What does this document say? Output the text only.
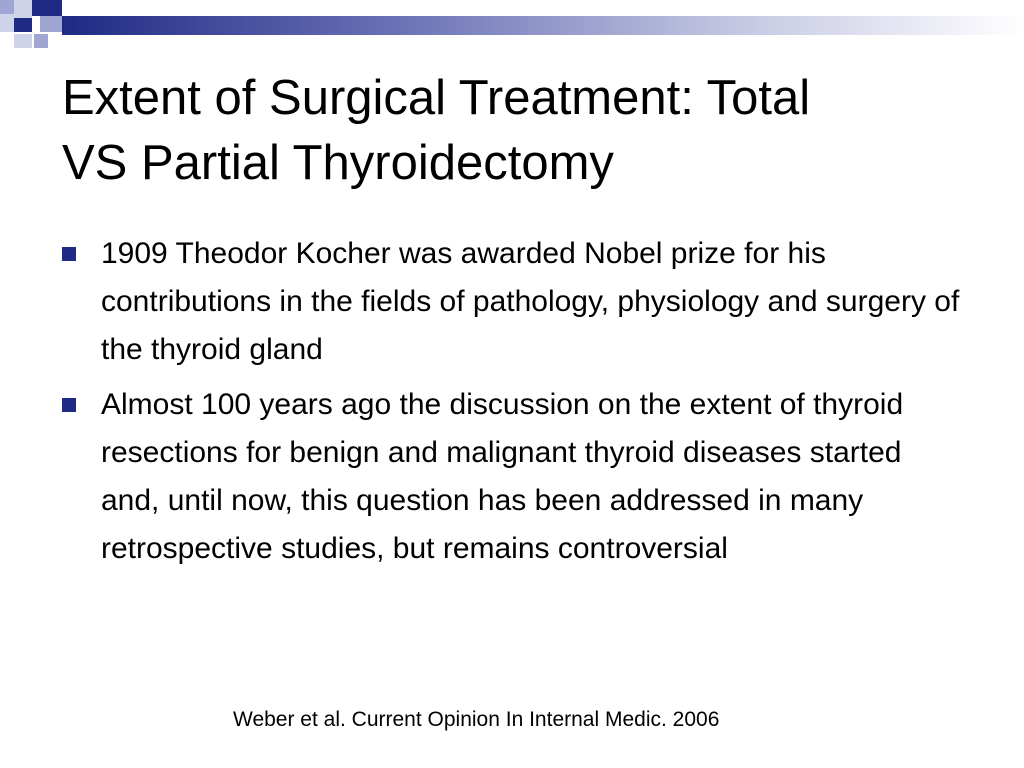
Extent of Surgical Treatment: Total
VS Partial Thyroidectomy
1909 Theodor Kocher was awarded Nobel prize for his contributions in the fields of pathology, physiology and surgery of the thyroid gland
Almost 100 years ago the discussion on the extent of thyroid resections for benign and malignant thyroid diseases started and, until now, this question has been addressed in many retrospective studies, but remains controversial
Weber et al. Current Opinion In Internal Medic. 2006
